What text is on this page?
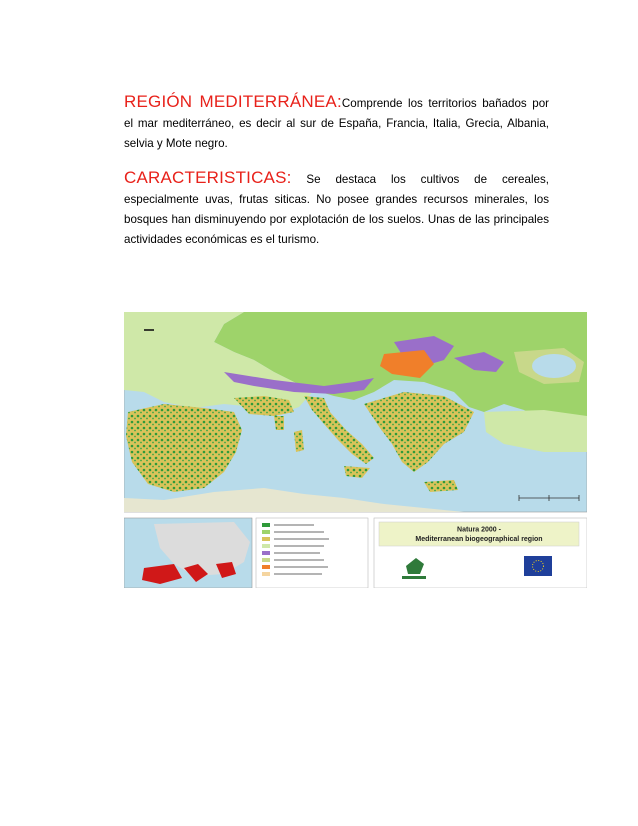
REGIÓN MEDITERRÁNEA:Comprende los territorios bañados por el mar mediterráneo, es decir al sur de España, Francia, Italia, Grecia, Albania, selvia y Mote negro.

CARACTERISTICAS: Se destaca los cultivos de cereales, especialmente uvas, frutas siticas. No posee grandes recursos minerales, los bosques han disminuyendo por explotación de los suelos. Unas de las principales actividades económicas es el turismo.

Natura 2000 -
Mediterranean biogeographical region
